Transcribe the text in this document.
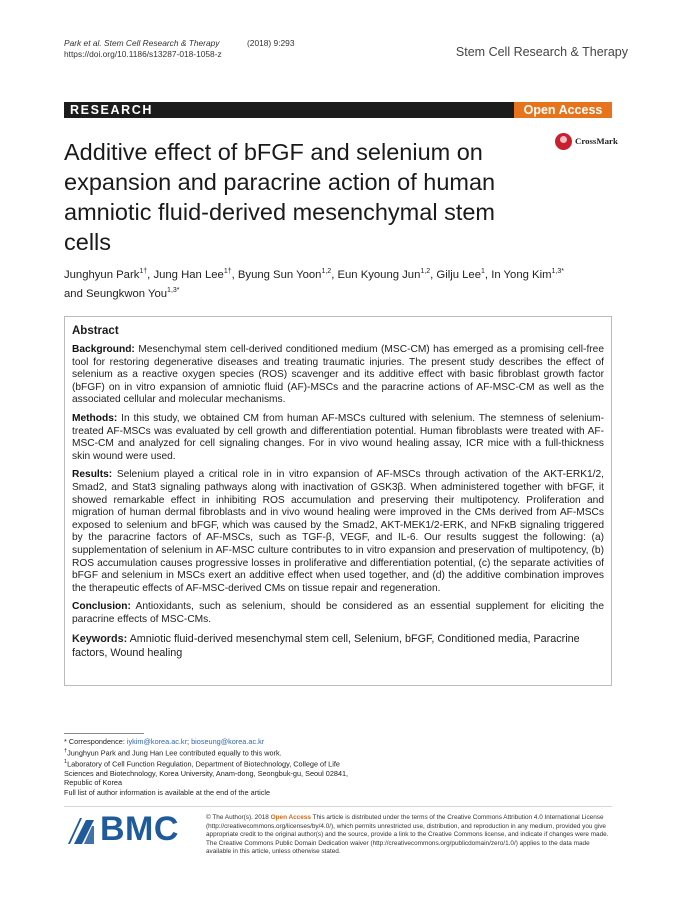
Park et al. Stem Cell Research & Therapy	(2018) 9:293
https://doi.org/10.1186/s13287-018-1058-z	Stem Cell Research & Therapy
RESEARCH	Open Access
CrossMark
Additive effect of bFGF and selenium on expansion and paracrine action of human amniotic fluid-derived mesenchymal stem cells
Junghyun Park$^{1\dagger}$, Jung Han Lee$^{1\dagger}$, Byung Sun Yoon$^{1,2}$, Eun Kyoung Jun$^{1,2}$, Gilju Lee$^1$, In Yong Kim$^{1,3*}$
and Seungkwon You$^{1,3*}$
Abstract

Background: Mesenchymal stem cell-derived conditioned medium (MSC-CM) has emerged as a promising cell-free tool for restoring degenerative diseases and treating traumatic injuries. The present study describes the effect of selenium as a reactive oxygen species (ROS) scavenger and its additive effect with basic fibroblast growth factor (bFGF) on in vitro expansion of amniotic fluid (AF)-MSCs and the paracrine actions of AF-MSC-CM as well as the associated cellular and molecular mechanisms.

Methods: In this study, we obtained CM from human AF-MSCs cultured with selenium. The stemness of selenium-treated AF-MSCs was evaluated by cell growth and differentiation potential. Human fibroblasts were treated with AF-MSC-CM and analyzed for cell signaling changes. For in vivo wound healing assay, ICR mice with a full-thickness skin wound were used.

Results: Selenium played a critical role in in vitro expansion of AF-MSCs through activation of the AKT-ERK1/2, Smad2, and Stat3 signaling pathways along with inactivation of GSK3β. When administered together with bFGF, it showed remarkable effect in inhibiting ROS accumulation and preserving their multipotency. Proliferation and migration of human dermal fibroblasts and in vivo wound healing were improved in the CMs derived from AF-MSCs exposed to selenium and bFGF, which was caused by the Smad2, AKT-MEK1/2-ERK, and NFκB signaling triggered by the paracrine factors of AF-MSCs, such as TGF-β, VEGF, and IL-6. Our results suggest the following: (a) supplementation of selenium in AF-MSC culture contributes to in vitro expansion and preservation of multipotency, (b) ROS accumulation causes progressive losses in proliferative and differentiation potential, (c) the separate activities of bFGF and selenium in MSCs exert an additive effect when used together, and (d) the additive combination improves the therapeutic effects of AF-MSC-derived CMs on tissue repair and regeneration.

Conclusion: Antioxidants, such as selenium, should be considered as an essential supplement for eliciting the paracrine effects of MSC-CMs.

Keywords: Amniotic fluid-derived mesenchymal stem cell, Selenium, bFGF, Conditioned media, Paracrine factors, Wound healing

* Correspondence: iykim@korea.ac.kr; bioseung@korea.ac.kr
†Junghyun Park and Jung Han Lee contributed equally to this work.
$^1$Laboratory of Cell Function Regulation, Department of Biotechnology, College of Life Sciences and Biotechnology, Korea University, Anam-dong, Seongbuk-gu, Seoul 02841, Republic of Korea
Full list of author information is available at the end of the article
BMC	© The Author(s). 2018 Open Access This article is distributed under the terms of the Creative Commons Attribution 4.0 International License (http://creativecommons.org/licenses/by/4.0/), which permits unrestricted use, distribution, and reproduction in any medium, provided you give appropriate credit to the original author(s) and the source, provide a link to the Creative Commons license, and indicate if changes were made. The Creative Commons Public Domain Dedication waiver (http://creativecommons.org/publicdomain/zero/1.0/) applies to the data made available in this article, unless otherwise stated.
